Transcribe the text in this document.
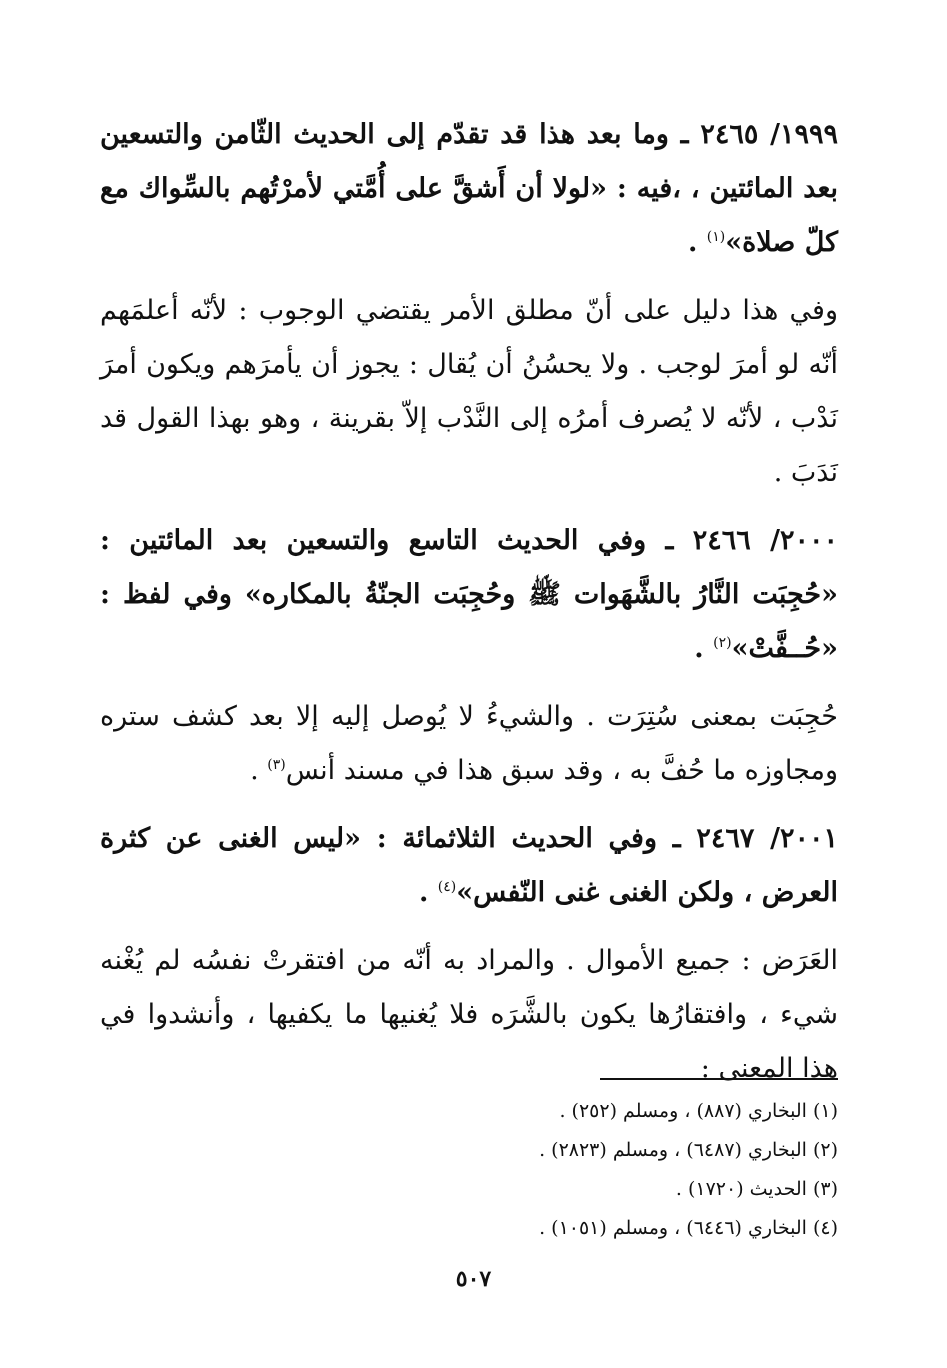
١٩٩٩/ ٢٤٦٥ ـ وما بعد هذا قد تقدّم إلى الحديث الثّامن والتسعين بعد المائتين ، ،فيه : «لولا أن أَشقَّ على أُمَّتي لأمرْتُهم بالسِّواك مع كلّ صلاة»$^{(١)}$ .

وفي هذا دليل على أنّ مطلق الأمر يقتضي الوجوب : لأنّه أعلمَهم أنّه لو أمرَ لوجب . ولا يحسُنُ أن يُقال : يجوز أن يأمرَهم ويكون أمرَ نَدْب ، لأنّه لا يُصرف أمرُه إلى النَّدْب إلاّ بقرينة ، وهو بهذا القول قد نَدَبَ .

٢٠٠٠/ ٢٤٦٦ ـ وفي الحديث التاسع والتسعين بعد المائتين : «حُجِبَت النَّارُ بالشَّهَوات ﷺ وحُجِبَت الجنّةُ بالمكاره» وفي لفظ : «حُــفَّتْ»$^{(٢)}$ .

حُجِبَت بمعنى سُتِرَت . والشيءُ لا يُوصل إليه إلا بعد كشف ستره ومجاوزه ما حُفَّ به ، وقد سبق هذا في مسند أنس$^{(٣)}$ .

٢٠٠١/ ٢٤٦٧ ـ وفي الحديث الثلاثمائة : «ليس الغنى عن كثرة العرض ، ولكن الغنى غنى النّفس»$^{(٤)}$ .

العَرَض : جميع الأموال . والمراد به أنّه من افتقرتْ نفسُه لم يُغْنه شيء ، وافتقارُها يكون بالشَّرَه فلا يُغنيها ما يكفيها ، وأنشدوا في هذا المعنى :

(١) البخاري (٨٨٧) ، ومسلم (٢٥٢) .

(٢) البخاري (٦٤٨٧) ، ومسلم (٢٨٢٣) .

(٣) الحديث (١٧٢٠) .

(٤) البخاري (٦٤٤٦) ، ومسلم (١٠٥١) .

٥٠٧
